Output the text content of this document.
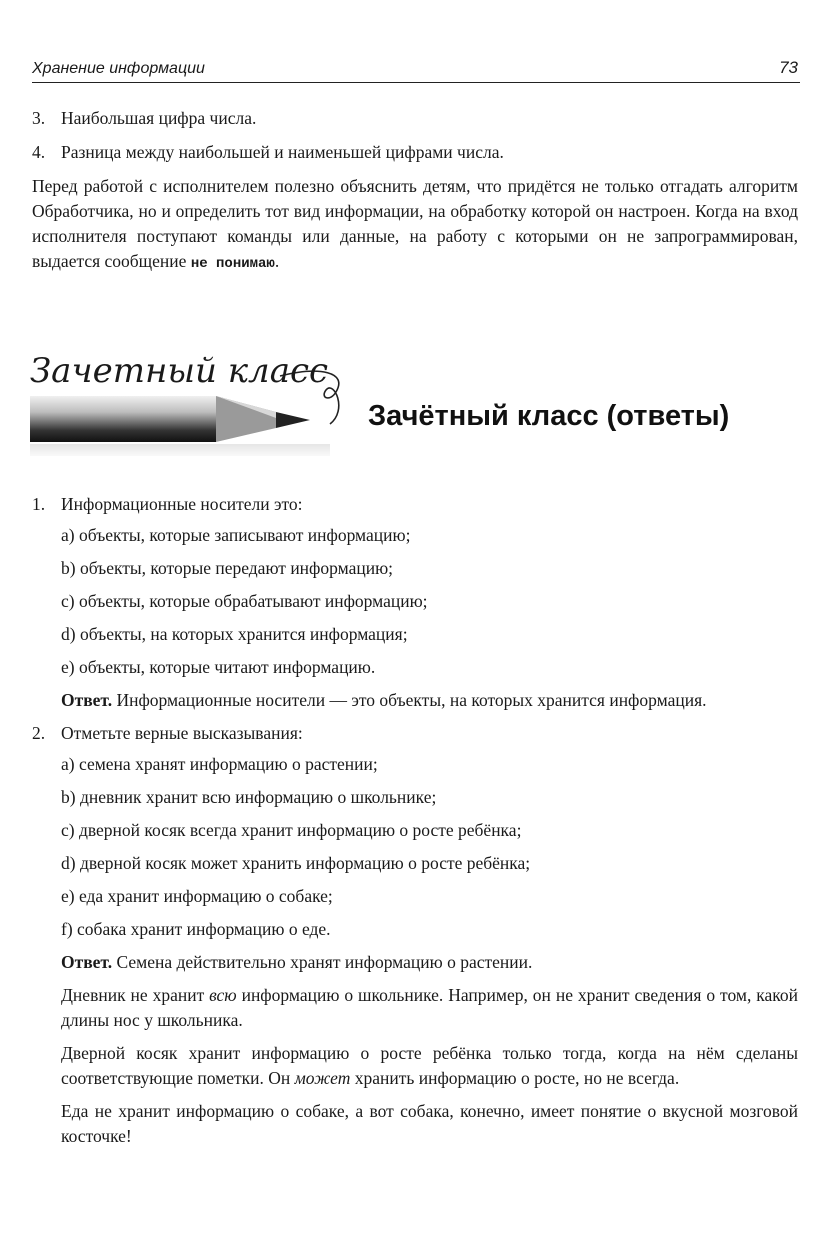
Хранение информации	73
3. Наибольшая цифра числа.
4. Разница между наибольшей и наименьшей цифрами числа.

Перед работой с исполнителем полезно объяснить детям, что придётся не только отгадать алгоритм Обработчика, но и определить тот вид информации, на обработку которой он настроен. Когда на вход исполнителя поступают команды или данные, на работу с которыми он не запрограммирован, выдается сообщение не понимаю.

Зачетный класс
Зачётный класс (ответы)
1. Информационные носители это:
a) объекты, которые записывают информацию;
b) объекты, которые передают информацию;
c) объекты, которые обрабатывают информацию;
d) объекты, на которых хранится информация;
e) объекты, которые читают информацию.
Ответ. Информационные носители — это объекты, на которых хранится информация.
2. Отметьте верные высказывания:
a) семена хранят информацию о растении;
b) дневник хранит всю информацию о школьнике;
c) дверной косяк всегда хранит информацию о росте ребёнка;
d) дверной косяк может хранить информацию о росте ребёнка;
e) еда хранит информацию о собаке;
f) собака хранит информацию о еде.
Ответ. Семена действительно хранят информацию о растении.
Дневник не хранит всю информацию о школьнике. Например, он не хранит сведения о том, какой длины нос у школьника.
Дверной косяк хранит информацию о росте ребёнка только тогда, когда на нём сделаны соответствующие пометки. Он может хранить информацию о росте, но не всегда.
Еда не хранит информацию о собаке, а вот собака, конечно, имеет понятие о вкусной мозговой косточке!
